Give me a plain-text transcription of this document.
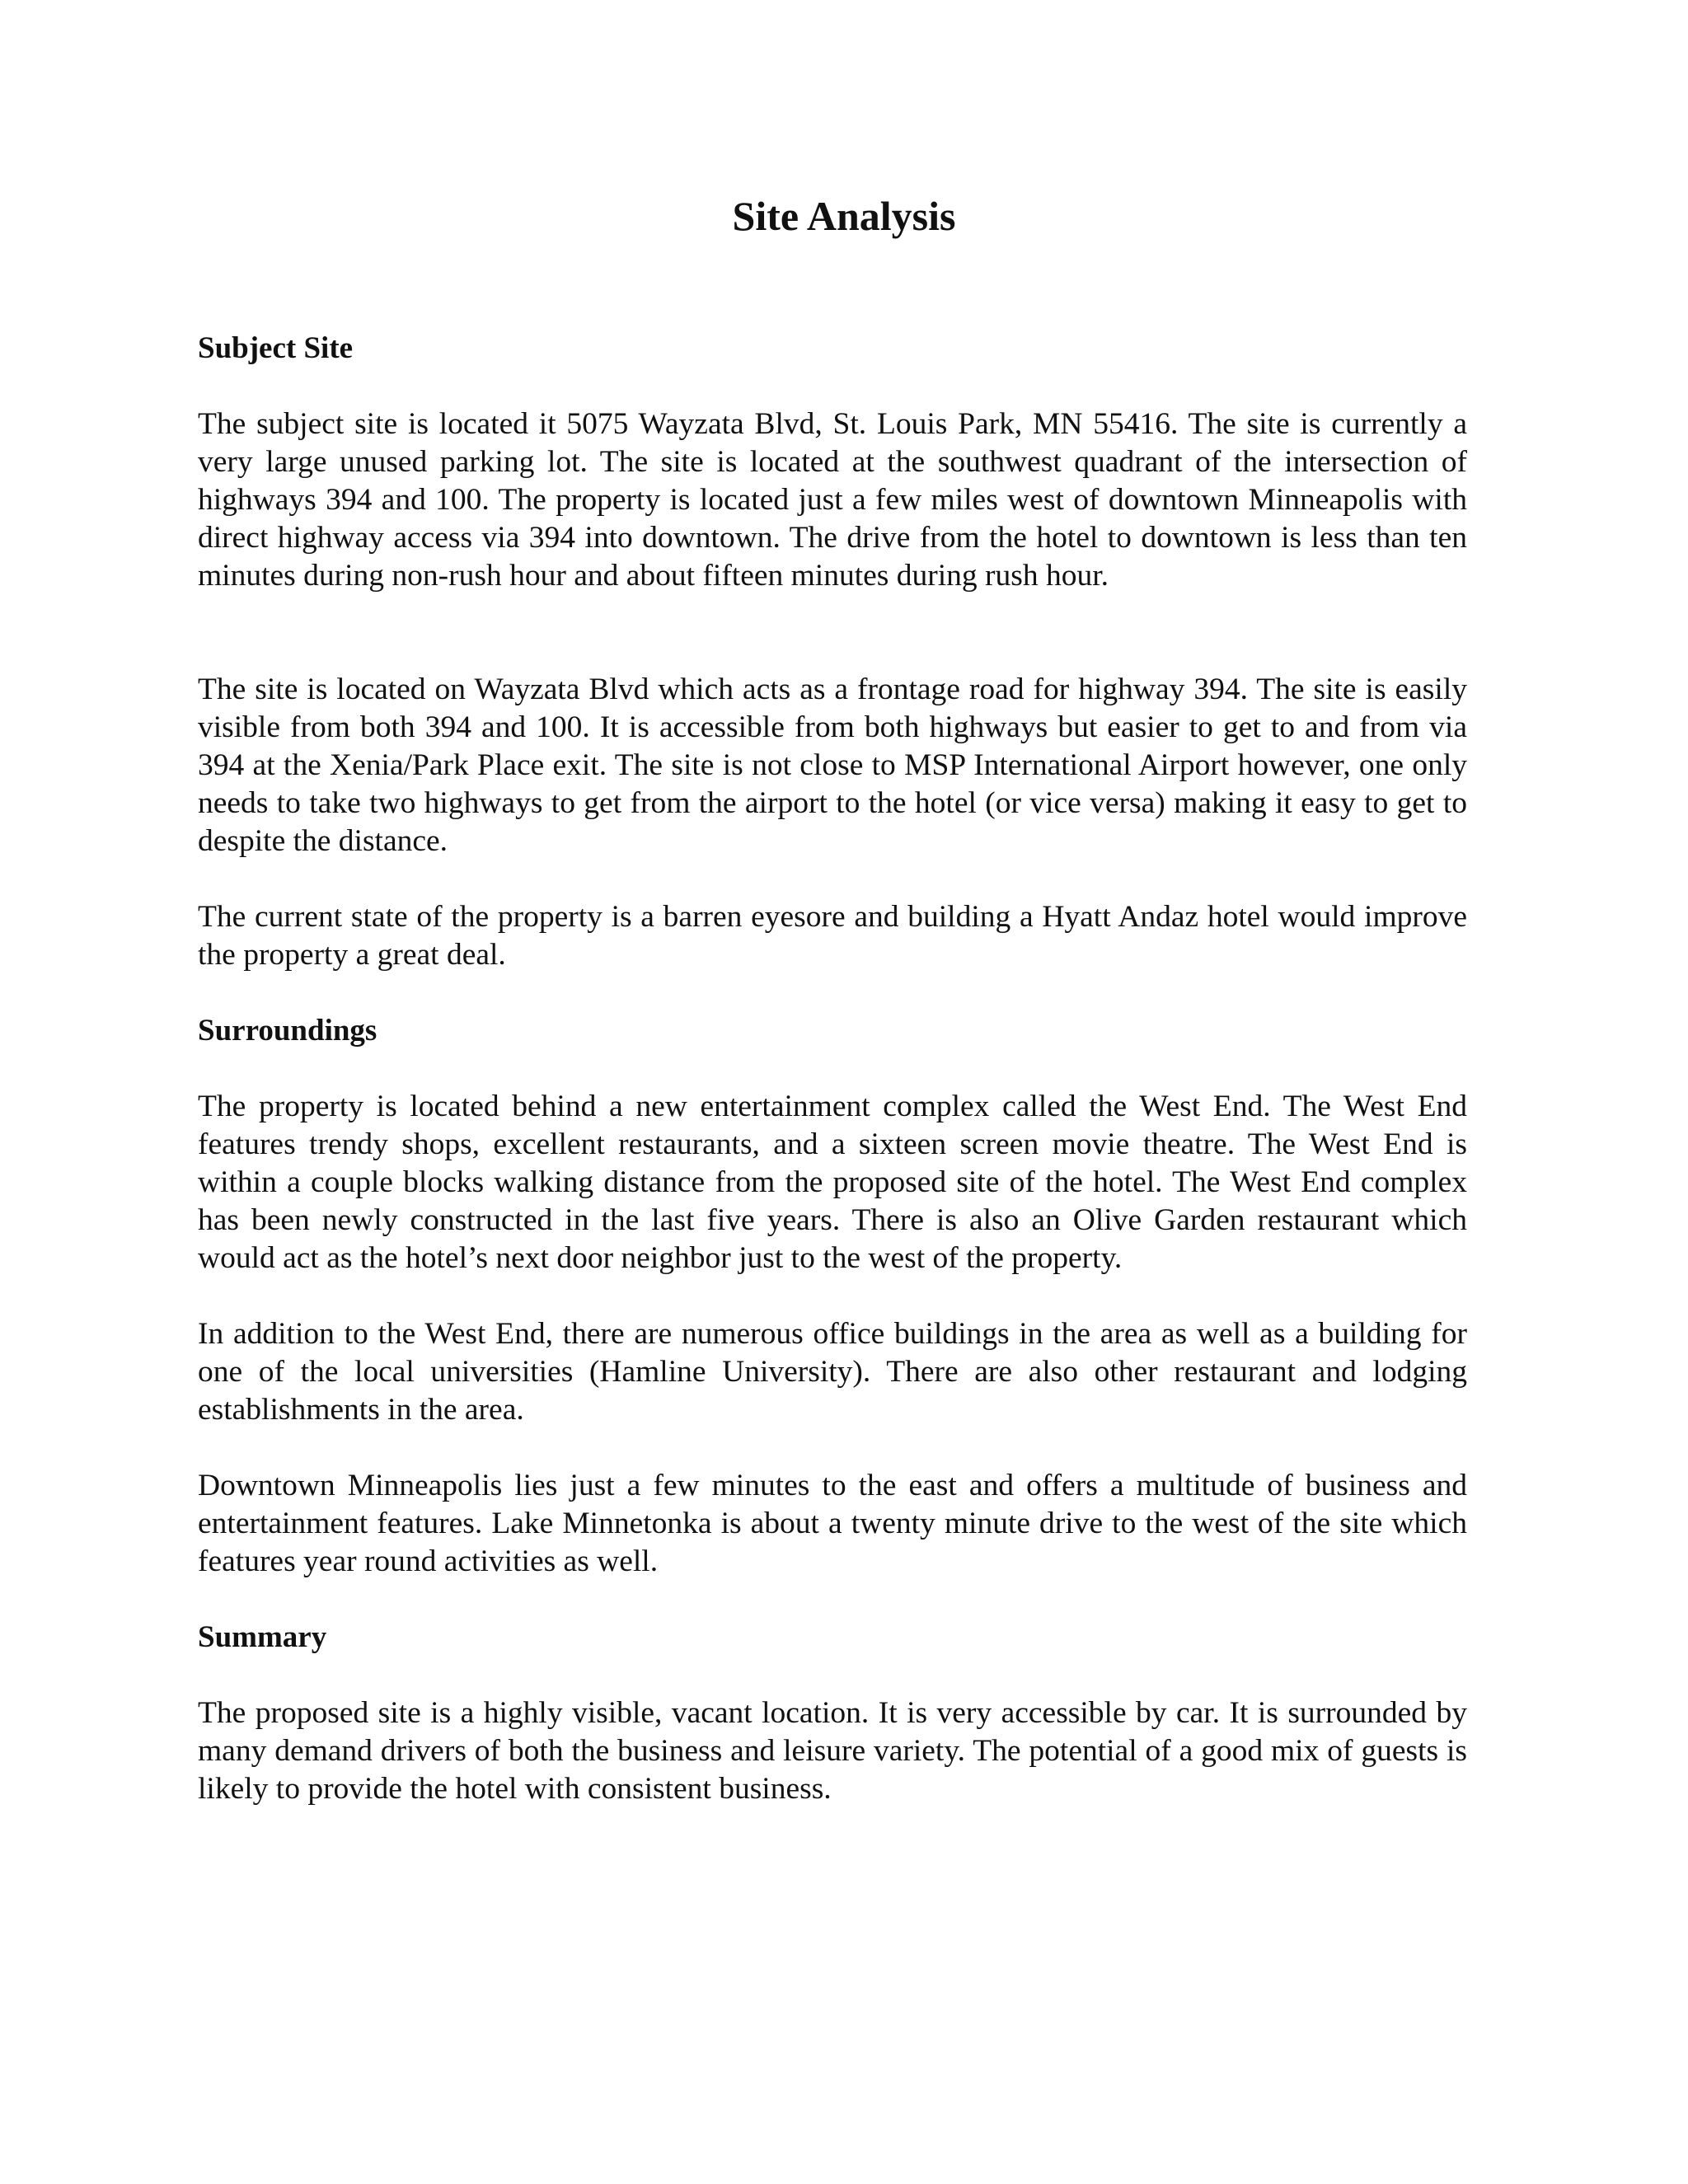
Site Analysis
Subject Site

The subject site is located it 5075 Wayzata Blvd, St. Louis Park, MN 55416. The site is currently a very large unused parking lot. The site is located at the southwest quadrant of the intersection of highways 394 and 100. The property is located just a few miles west of downtown Minneapolis with direct highway access via 394 into downtown. The drive from the hotel to downtown is less than ten minutes during non-rush hour and about fifteen minutes during rush hour.

The site is located on Wayzata Blvd which acts as a frontage road for highway 394. The site is easily visible from both 394 and 100. It is accessible from both highways but easier to get to and from via 394 at the Xenia/Park Place exit. The site is not close to MSP International Airport however, one only needs to take two highways to get from the airport to the hotel (or vice versa) making it easy to get to despite the distance.

The current state of the property is a barren eyesore and building a Hyatt Andaz hotel would improve the property a great deal.

Surroundings

The property is located behind a new entertainment complex called the West End. The West End features trendy shops, excellent restaurants, and a sixteen screen movie theatre. The West End is within a couple blocks walking distance from the proposed site of the hotel. The West End complex has been newly constructed in the last five years. There is also an Olive Garden restaurant which would act as the hotel’s next door neighbor just to the west of the property.

In addition to the West End, there are numerous office buildings in the area as well as a building for one of the local universities (Hamline University). There are also other restaurant and lodging establishments in the area.

Downtown Minneapolis lies just a few minutes to the east and offers a multitude of business and entertainment features. Lake Minnetonka is about a twenty minute drive to the west of the site which features year round activities as well.

Summary

The proposed site is a highly visible, vacant location. It is very accessible by car. It is surrounded by many demand drivers of both the business and leisure variety. The potential of a good mix of guests is likely to provide the hotel with consistent business.
